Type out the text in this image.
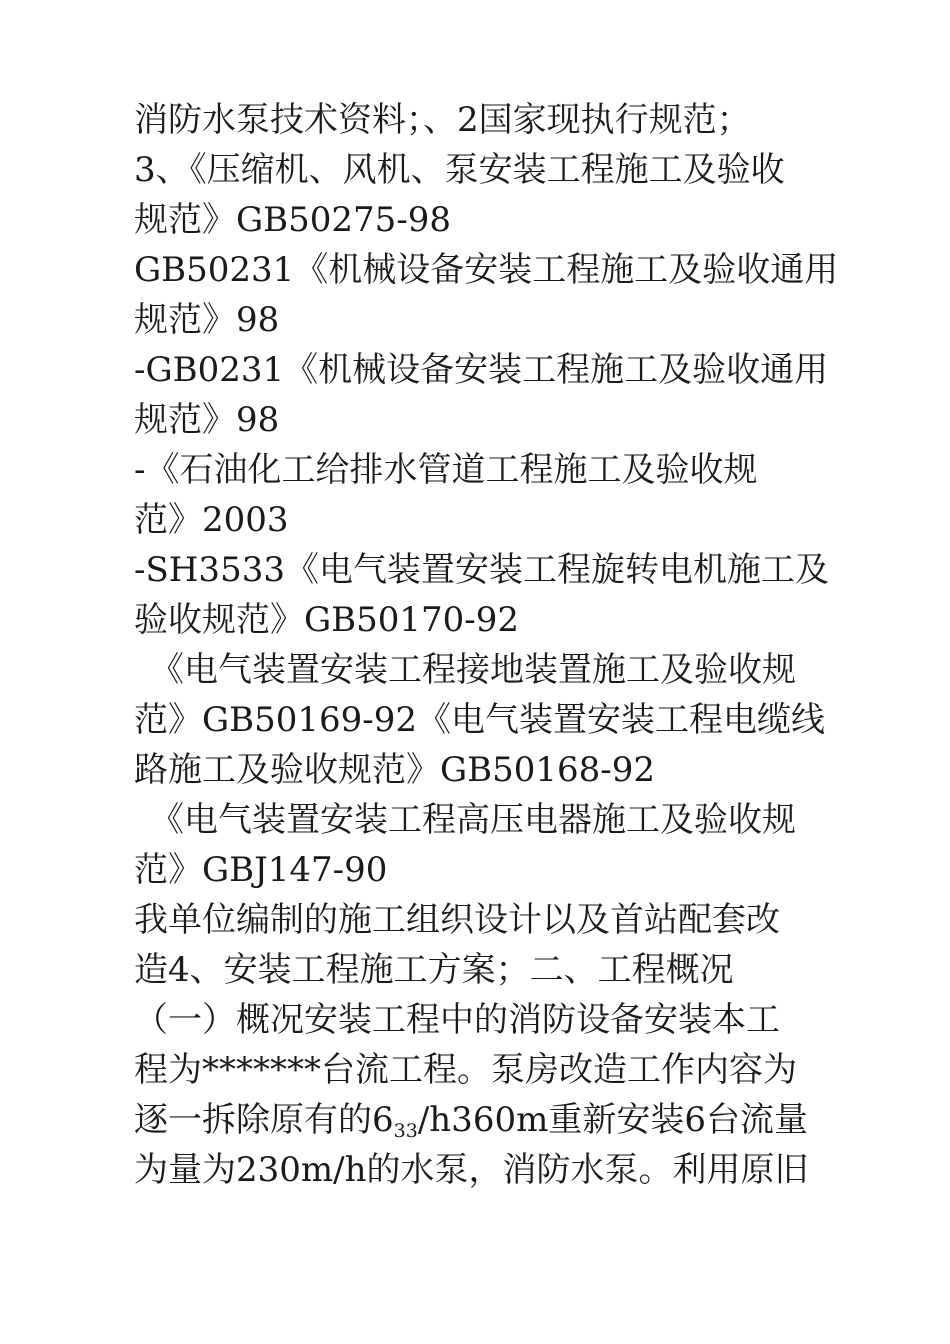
消防水泵技术资料；、2国家现执行规范；
3、《压缩机、风机、泵安装工程施工及验收
规范》GB50275-98
GB50231《机械设备安装工程施工及验收通用
规范》98
-GB0231《机械设备安装工程施工及验收通用
规范》98
-《石油化工给排水管道工程施工及验收规
范》2003
-SH3533《电气装置安装工程旋转电机施工及
验收规范》GB50170-92
《电气装置安装工程接地装置施工及验收规
范》GB50169-92《电气装置安装工程电缆线
路施工及验收规范》GB50168-92
《电气装置安装工程高压电器施工及验收规
范》GBJ147-90
我单位编制的施工组织设计以及首站配套改
造4、安装工程施工方案；二、工程概况
（一）概况安装工程中的消防设备安装本工
程为*******台流工程。泵房改造工作内容为
逐一拆除原有的$6_{33}/h360m$重新安装6台流量
为量为230m/h的水泵，消防水泵。利用原旧
